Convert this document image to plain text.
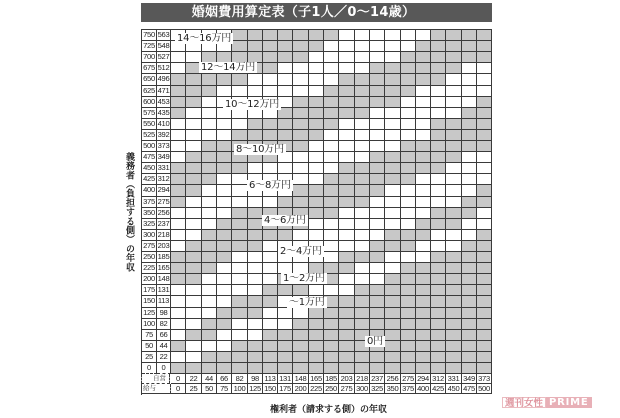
婚姻費用算定表（子1人／0～14歳）
義務者（負担する側）の年収
750 563
725 548
700 527
675 512
650 496
625 471
600 453
575 435
550 410
525 392
500 373
475 349
450 331
425 312
400 294
375 275
350 256
325 237
300 218
275 203
250 185
225 165
200 148
175 131
150 113
125 98
100 82
75 66
50 44
25 22
0	0
自営
給与
0
0
22
25
44
50
66
75
82
100
98
125
113
150
131
175
148
200
165
225
185
250
203
275
218
300
237
325
256
350
275
375
294
400
312
425
331
450
349
475
373
500
14～16万円
12～14万円
10～12万円
8～10万円
6～8万円
4～6万円
2～4万円
1～2万円
～1万円
0円
権利者（請求する側）の年収
週刊女性 PRIME
